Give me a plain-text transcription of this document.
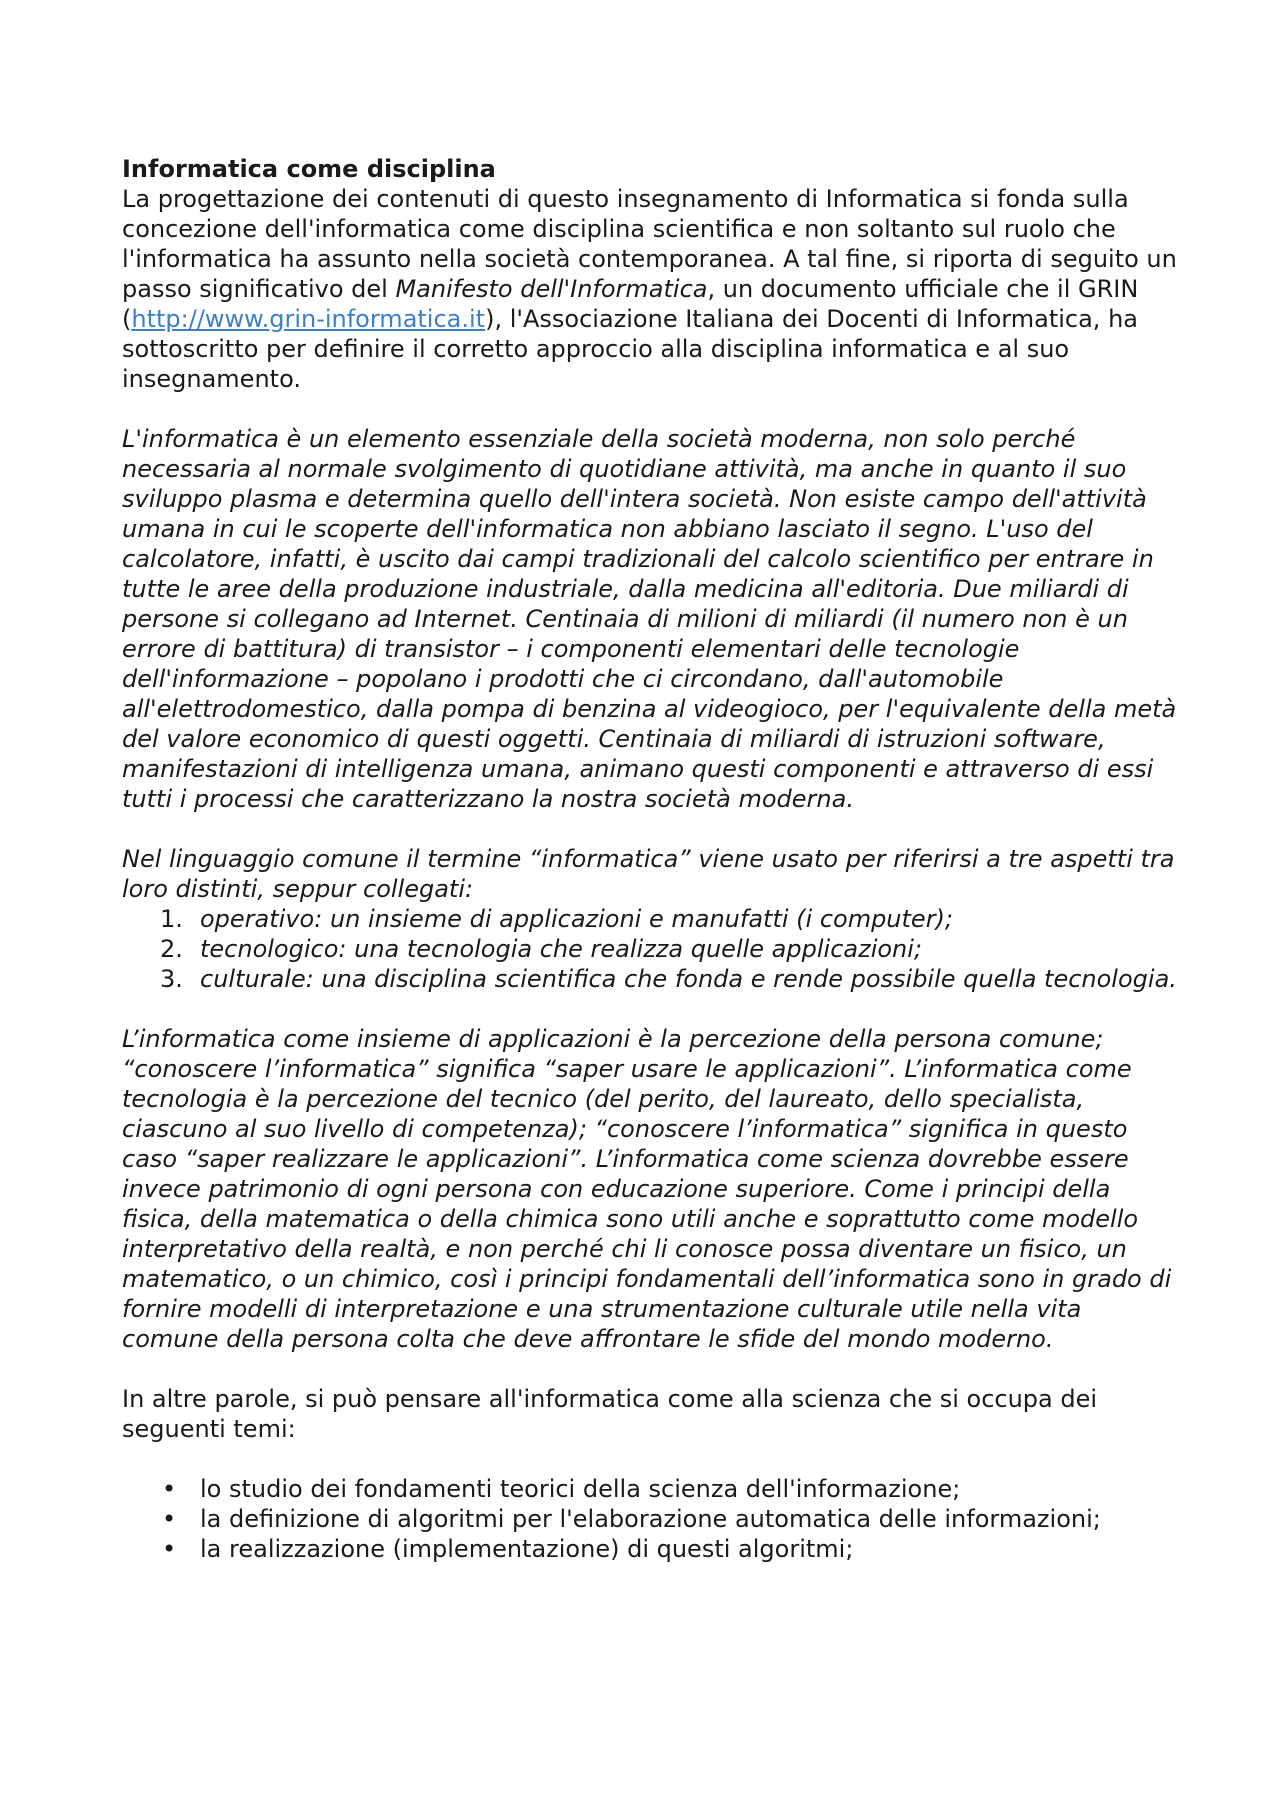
Informatica come disciplina

La progettazione dei contenuti di questo insegnamento di Informatica si fonda sulla concezione dell'informatica come disciplina scientifica e non soltanto sul ruolo che l'informatica ha assunto nella società contemporanea. A tal fine, si riporta di seguito un passo significativo del Manifesto dell'Informatica, un documento ufficiale che il GRIN (http://www.grin-informatica.it), l'Associazione Italiana dei Docenti di Informatica, ha sottoscritto per definire il corretto approccio alla disciplina informatica e al suo insegnamento.

L'informatica è un elemento essenziale della società moderna, non solo perché necessaria al normale svolgimento di quotidiane attività, ma anche in quanto il suo sviluppo plasma e determina quello dell'intera società. Non esiste campo dell'attività umana in cui le scoperte dell'informatica non abbiano lasciato il segno. L'uso del calcolatore, infatti, è uscito dai campi tradizionali del calcolo scientifico per entrare in tutte le aree della produzione industriale, dalla medicina all'editoria. Due miliardi di persone si collegano ad Internet. Centinaia di milioni di miliardi (il numero non è un errore di battitura) di transistor – i componenti elementari delle tecnologie dell'informazione – popolano i prodotti che ci circondano, dall'automobile all'elettrodomestico, dalla pompa di benzina al videogioco, per l'equivalente della metà del valore economico di questi oggetti. Centinaia di miliardi di istruzioni software, manifestazioni di intelligenza umana, animano questi componenti e attraverso di essi tutti i processi che caratterizzano la nostra società moderna.

Nel linguaggio comune il termine “informatica” viene usato per riferirsi a tre aspetti tra loro distinti, seppur collegati:

1. operativo: un insieme di applicazioni e manufatti (i computer);
2. tecnologico: una tecnologia che realizza quelle applicazioni;
3. culturale: una disciplina scientifica che fonda e rende possibile quella tecnologia.

L’informatica come insieme di applicazioni è la percezione della persona comune; “conoscere l’informatica” significa “saper usare le applicazioni”. L’informatica come tecnologia è la percezione del tecnico (del perito, del laureato, dello specialista, ciascuno al suo livello di competenza); “conoscere l’informatica” significa in questo caso “saper realizzare le applicazioni”. L’informatica come scienza dovrebbe essere invece patrimonio di ogni persona con educazione superiore. Come i principi della fisica, della matematica o della chimica sono utili anche e soprattutto come modello interpretativo della realtà, e non perché chi li conosce possa diventare un fisico, un matematico, o un chimico, così i principi fondamentali dell’informatica sono in grado di fornire modelli di interpretazione e una strumentazione culturale utile nella vita comune della persona colta che deve affrontare le sfide del mondo moderno.

In altre parole, si può pensare all'informatica come alla scienza che si occupa dei seguenti temi:

• lo studio dei fondamenti teorici della scienza dell'informazione;
• la definizione di algoritmi per l'elaborazione automatica delle informazioni;
• la realizzazione (implementazione) di questi algoritmi;
